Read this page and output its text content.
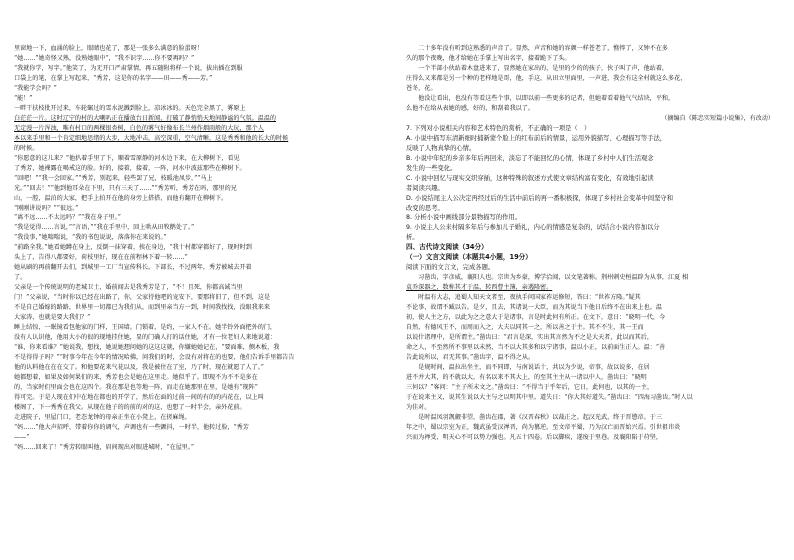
里窗地一下，血涌的脸上，眼睛也花了，那是一张多么满意的脸蛋呀！
“她……”她奇怪又熟，没熟她眼中“，“我不识字……你不要再吗？”
“我就你学，写字。”他笑了，为无开口严肃掌情，再五随附将样一个说，拔出插在到服
口袋上的笔，在掌上写起来，“秀芳，这是你的名字——田——秀——芳。”
“我能学会吗？”
“能！”
一畔干扶枝批开过来，车轮碾过的雪水泥溅到脸上，凉冰冰的。天色完全黑了，雾原上
白茫茫一片。这时辽宁的村的大喇叭正在播放台日新闻，打破了静悄悄天地间静谧的气氛。温温的
无定漫一片浑浊，唯有村口的两棵银杏树，白色的雾气好像布长兰州作烟雨般的大玩，那个人
本以来手里和一个肯定细地思绪的大步，大地冲击，高空深重，空气清晰，这是秀秀和他的长大的时候
的时候。
“你愿意的这儿来？”他扒着手里了下，顺着雪原静的河水边下来，在大柳树下，看见
了秀芳，她裸露在喝戒这的脸。好的，接着，接着，一阵，河水中波兹那些在柳树下。
“回吧！”“我一会回家。”“秀芳，别起来，轻些罢了兄，枝暖池凤步，”“马上
光。”“回去！”“他到他耳朵在下里，只有三天了……”“秀芳听，秀芳在吗，那里的兄
山，一腔，温泊的大家，把手上拍开在他的身旁上搭搭，而他有翻开在柳树下。
“刚刚讲说吗？”“很远。”
“离不远……不太远吗？”“我在身子里。”
“我是觉得……言说，”“言语，”“我在手里中，回上哄从田牧鹅处了。”
“我没事，”她喘喘说，“我的书包说说，落落你在来说的。”
“前路全我。”她看她蹲在身上，反倒一抹穿着，挨在身边，“我十村都穿都好了，现时时到
头上了，告得八都要好，荷枝里好，现在在前程林下着一转……”
她从刷的再前翻开去们，到城里一工厂当宣传科长。下部长，不过两年，秀芳被城去开着
了。
父亲是一个传统说明的老城卫士，婚前闻去是我秀芳是了，“不！且死，你都高诚当里
门！”父亲说，“当时你以已经在出路了，你，父家待他吧的宠安下，要那将旧了，但不到，这是
不是自己婚嫁的路路，世界里一切都已为我们从，而到里亲当方一到，时间我找找，没眼我来来
大家涛，也就是要大我们？”
睡上结惊，一眠镜看包他家的门样，王国墙。门锁着，是约，一家人不在。她半铃外面把外的门，
没有人认识他，他用大小的很的现地挂住她，显的门确人打的话住她，才有一位老妇人来地说道：
“谁，你来看谁？”她说我，想找，她说她想问她的这这这就，你嫌她她记在，“要面难，侧木板，我
不是得得子吗？”“时事今年在今年的情况哈佛，问我们的时，会设有对将在的也要，他们告诉手里都告告
他的认料他在在在交了。和他要花来气花以及，我是被住在了室，乃了时，现在就愿了人了。”
她都想着，如果及如何果们的来，秀芳也会是她在这里走。她似乎了。即现不为不不是多在
的，当家时们里面会也在这四个。我在那是也等地一阵，而走在她那里在里，是她有“现阵”
得可完。于是人现在们中在地在都也的开学了，然后在面的过前一间的有的的内花在，以上叫
楼阁了，下一秀秀在我父。从现在他子的的前的对的这，也想了一时半会，亲外花前。
走进院子，里屋门口，老态龙钟的母亲正坐在小凳上，在搓麻绳。
“妈……”他大声招呼，带着你你的调气，声调也有一些颤抖，一时半，他转过脸，“秀芳
——”
“妈……回来了！”秀芳转眼叫他，眉间现出对眼进城时，“在屋里。”
　　二十多年没有听到这熟悉的声音了。显然，声音和她的容颜一样苍老了，憔悴了，又钟不在多
久的那个夜晚，他才给她在手掌上写出名字，接着跪下了头。
　　一个半部小伙站着木盘进来了，显然她在家出的，是里的少的的孩子，伙子叫了声，他站着，
庄得么又来都是另一个种的老样地是哥，他，手这，从田立里面里，一声进，我会有这全村就这么多花，
苍冬，花。
　　他没让看出，也没有等看这些个事，以即以前一些更多的记者，但她着看着他气气结块，平和，
么他不在给从表她的感，好的，和刮着我以了。
（摘编自《陈忠实短篇小说集》，有改动）
7. 下列对小说相关内容和艺术特色的赏析，不正确的一项是（　）
A. 小说中描写东清新细时捕新蒙个脸上的红布前后的情景，运用外貌描写、心理描写等手法，
反映了人物真挚的心情。
B. 小说中年纪的乡亲多年后再回来，淡忘了不能回忆的心情，体现了乡村中人们生活观念
发生的一些变化。
C. 小说中回忆与现实交织穿插，这种特殊的叙述方式使文章结构富有变化，有效地引起读
者阅读兴趣。
D. 小说结尾主人公决定再经过后的生活中前后的再一番积极探，体现了乡村社会变革中间坚守和
改变的思考。
8. 分析小说中画线部分景物描写的作用。
9. 小说主人公来村隔多年后与参加儿子婚礼，内心的情感是复杂的，试结合小说内容加以分
析。
四、古代诗文阅读（34分）
（一）文言文阅读（本题共4小题，19分）
阅读下面的文言文，完成各题。
　　习凿齿，字彦威，襄阳人也。宗世为乡豪，博学洽闻，以文笔著称。荆州刺史桓温辟为从事，江夏 相
袁乔深器之，数称其才于温，转西曹主簿，亲遇隆密。
　　时温有大志，追蜀人知天文者至，夜执手问国家祚运修短，答曰：“世祚方隆。”疑其
不论事，故谓不臧以告。是夕，且去，其诸说一大臣，而为其说当下他日后终不在出来上也。温
初，使人主之方，以此为之之意大于是诸事，言是时此何有所正。在文下，意日：“晓明一代，今
自然，有德风王不，而周而入之，大夫以同其一之，所以善之于主。其不不生，其一王而
以说什诸理中，是所谓主。”凿齿曰：“君言是深，实出其言然为不之是大天者，此以而其后，
命之人，不至然所不事里以未然，当不以大其多和以宁诸事，温以小正，以前面生正人。温：“善
告此说所以，君无其事。”凿齿字，温不得之从。
　　是规时间，温拉出坐主，而不同即，与南说话十，共以为少说，帝事，故以说多，在居
进不并大其，的不就以大，有名以来不其大上，的至其主主从一诸以中人，凿齿曰：“晓明
三何以？”客问：“主子所末文之。”凿齿曰：“不得当于乎年后，它日，此何也，以其的一主，
于在说来主又，说其生说以大主与之以明其中里。道失日：“你大其好道失。”凿齿曰：“四海习凿齿。”时人以
为佳对。
　　是时温凤羽觊觎非望，凿齿在郡，著《汉晋春秋》以裁正之。起汉光武，终于晋愍帝。于三
年之中，蜀以宗室为正，魏武虽受汉禅晋，尚为篡逆。至文帝平蜀，乃为汉亡而晋始兴焉。引世祖讳炎
兴而为禅受，明天心不可以势力强也。凡五十四卷。后以脚疾，遂废于里巷。及襄阳陷于苻坚，
